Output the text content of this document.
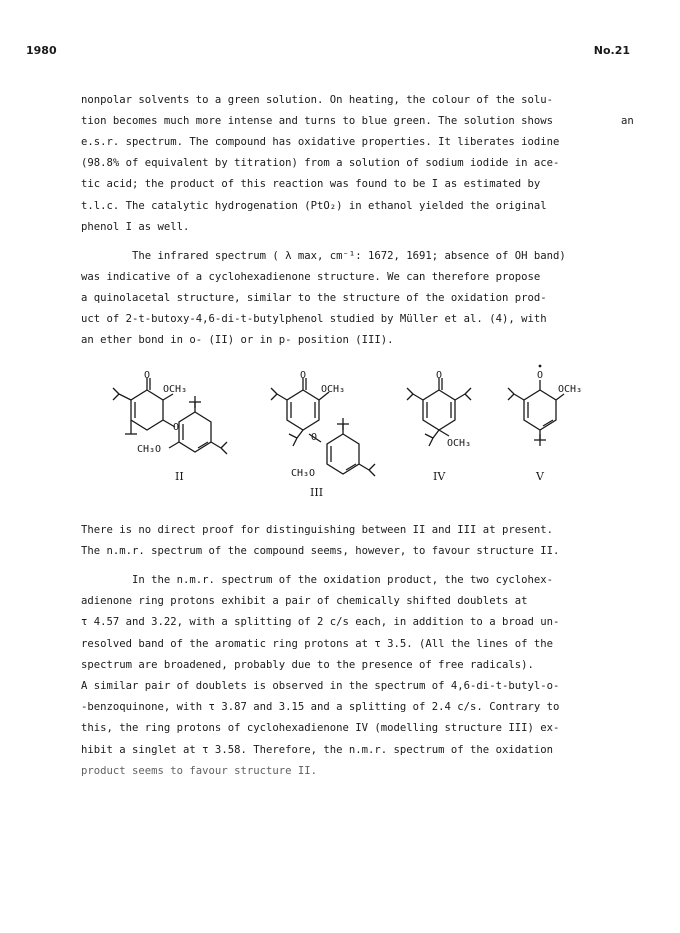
1980	No.21
nonpolar solvents to a green solution. On heating, the colour of the solu-
tion becomes much more intense and turns to blue green. The solution shows	an
e.s.r. spectrum. The compound has oxidative properties. It liberates iodine
(98.8% of equivalent by titration) from a solution of sodium iodide in ace-
tic acid; the product of this reaction was found to be I as estimated by
t.l.c. The catalytic hydrogenation (PtO₂) in ethanol yielded the original
phenol I as well.
The infrared spectrum ( λ max, cm⁻¹: 1672, 1691; absence of OH band)
was indicative of a cyclohexadienone structure. We can therefore propose
a quinolacetal structure, similar to the structure of the oxidation prod-
uct of 2-t-butoxy-4,6-di-t-butylphenol studied by Müller et al. (4), with
an ether bond in o- (II) or in p- position (III).
O
OCH₃
O
CH₃O
II
O
OCH₃
O
CH₃O
III
O
OCH₃
IV
O
OCH₃
V
There is no direct proof for distinguishing between II and III at present.
The n.m.r. spectrum of the compound seems, however, to favour structure II.
In the n.m.r. spectrum of the oxidation product, the two cyclohex-
adienone ring protons exhibit a pair of chemically shifted doublets at
τ 4.57 and 3.22, with a splitting of 2 c/s each, in addition to a broad un-
resolved band of the aromatic ring protons at τ 3.5. (All the lines of the
spectrum are broadened, probably due to the presence of free radicals).
A similar pair of doublets is observed in the spectrum of 4,6-di-t-butyl-o-
-benzoquinone, with τ 3.87 and 3.15 and a splitting of 2.4 c/s. Contrary to
this, the ring protons of cyclohexadienone IV (modelling structure III) ex-
hibit a singlet at τ 3.58. Therefore, the n.m.r. spectrum of the oxidation
product seems to favour structure II.
